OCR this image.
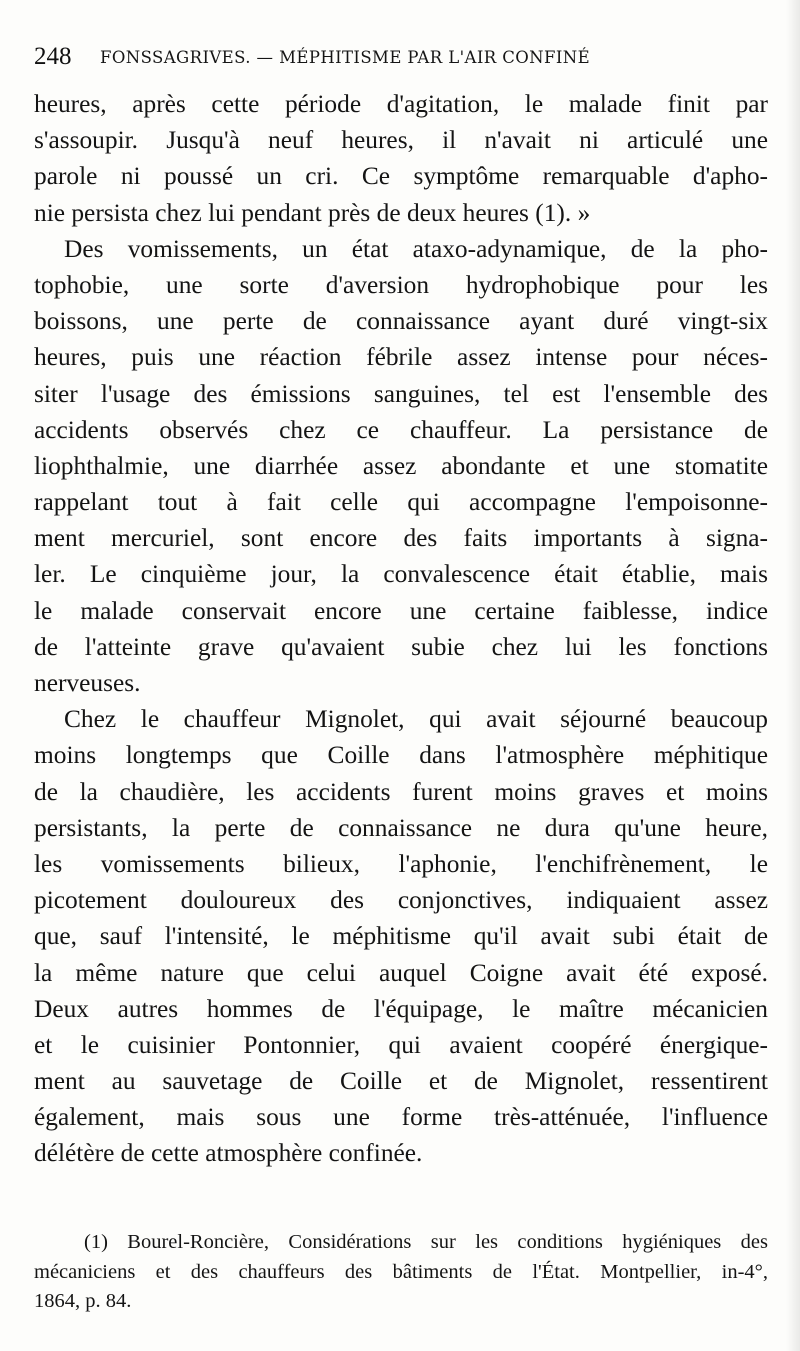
248 FONSSAGRIVES. — MÉPHITISME PAR L'AIR CONFINÉ
heures, après cette période d'agitation, le malade finit par
s'assoupir. Jusqu'à neuf heures, il n'avait ni articulé une
parole ni poussé un cri. Ce symptôme remarquable d'apho-
nie persista chez lui pendant près de deux heures (1). »
Des vomissements, un état ataxo-adynamique, de la pho-
tophobie, une sorte d'aversion hydrophobique pour les
boissons, une perte de connaissance ayant duré vingt-six
heures, puis une réaction fébrile assez intense pour néces-
siter l'usage des émissions sanguines, tel est l'ensemble des
accidents observés chez ce chauffeur. La persistance de
liophthalmie, une diarrhée assez abondante et une stomatite
rappelant tout à fait celle qui accompagne l'empoisonne-
ment mercuriel, sont encore des faits importants à signa-
ler. Le cinquième jour, la convalescence était établie, mais
le malade conservait encore une certaine faiblesse, indice
de l'atteinte grave qu'avaient subie chez lui les fonctions
nerveuses.
Chez le chauffeur Mignolet, qui avait séjourné beaucoup
moins longtemps que Coille dans l'atmosphère méphitique
de la chaudière, les accidents furent moins graves et moins
persistants, la perte de connaissance ne dura qu'une heure,
les vomissements bilieux, l'aphonie, l'enchifrènement, le
picotement douloureux des conjonctives, indiquaient assez
que, sauf l'intensité, le méphitisme qu'il avait subi était de
la même nature que celui auquel Coigne avait été exposé.
Deux autres hommes de l'équipage, le maître mécanicien
et le cuisinier Pontonnier, qui avaient coopéré énergique-
ment au sauvetage de Coille et de Mignolet, ressentirent
également, mais sous une forme très-atténuée, l'influence
délétère de cette atmosphère confinée.
(1) Bourel-Roncière, Considérations sur les conditions hygiéniques des
mécaniciens et des chauffeurs des bâtiments de l'État. Montpellier, in-4°,
1864, p. 84.
